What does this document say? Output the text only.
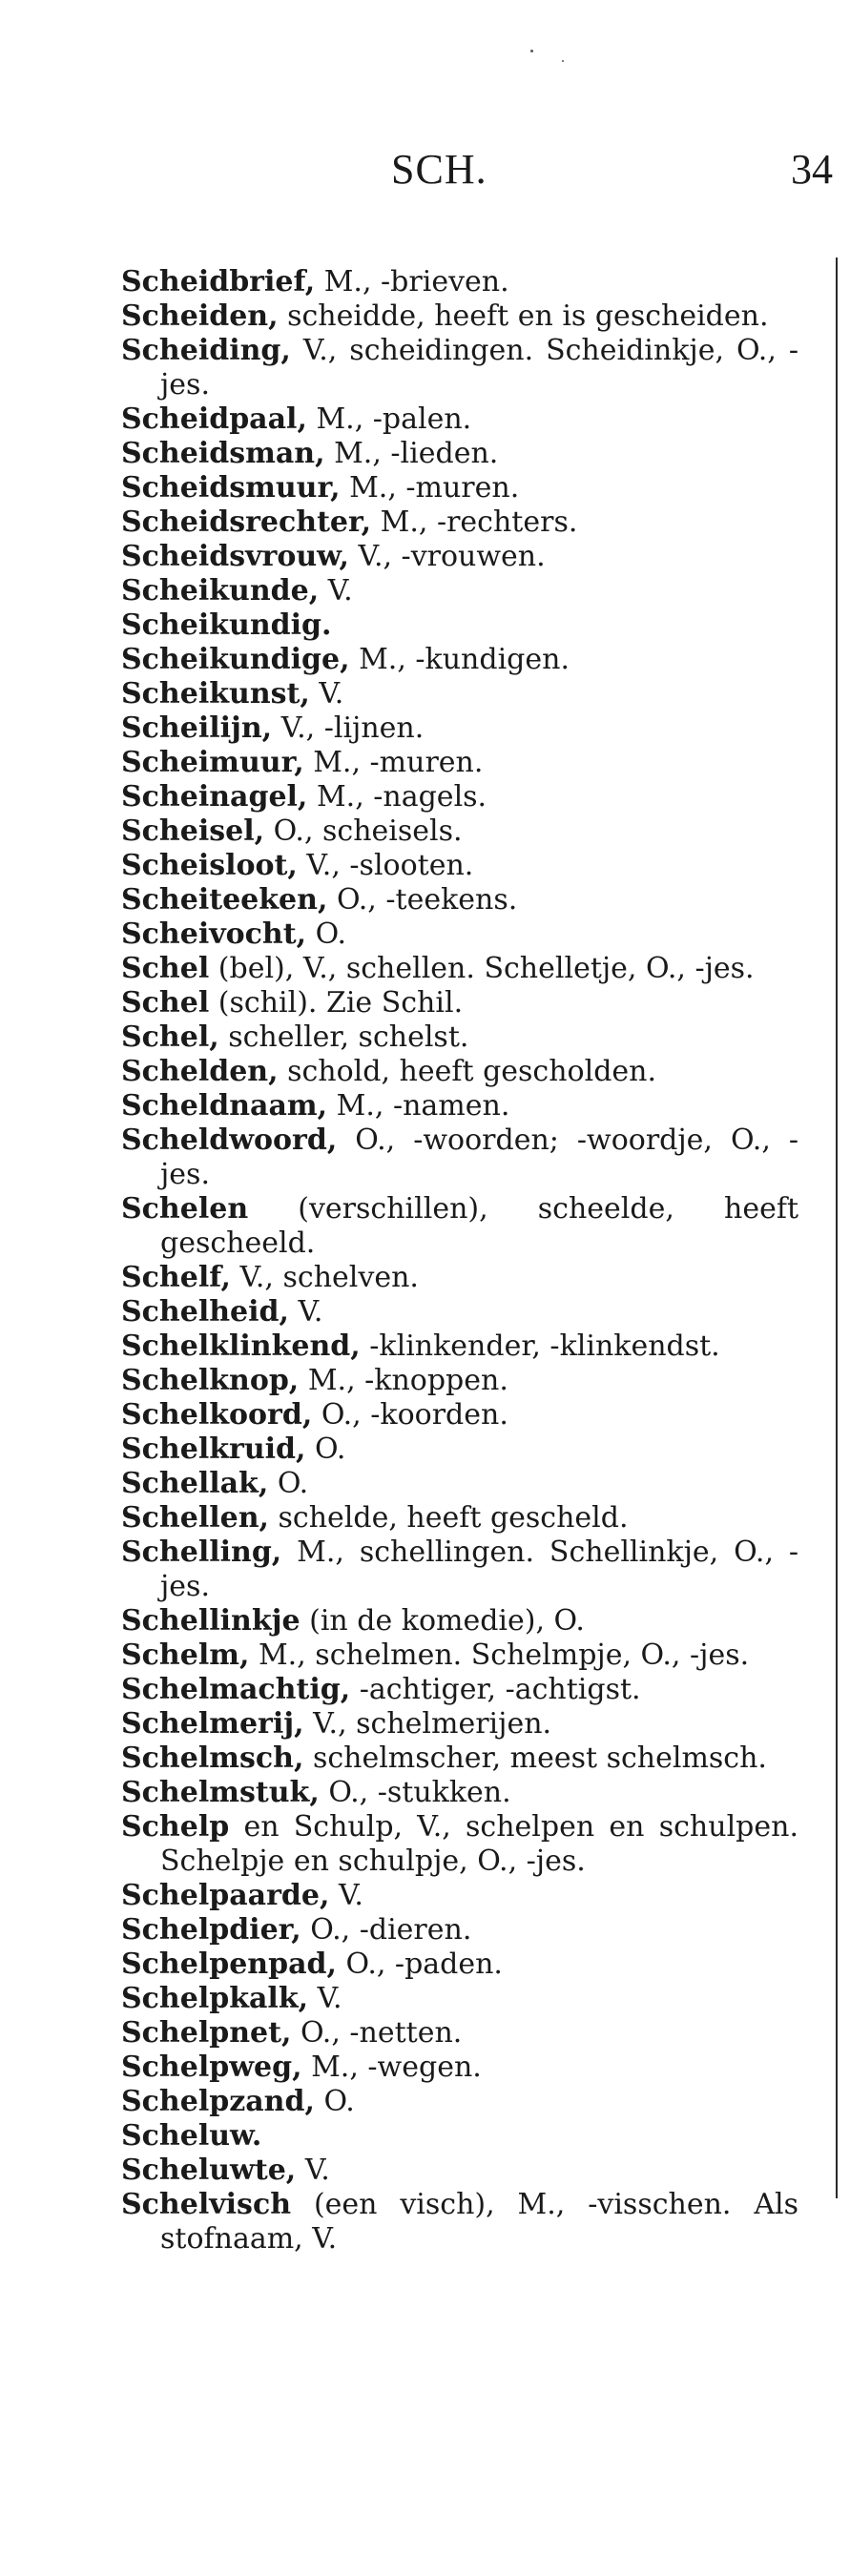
SCH.	34
Scheidbrief, M., -brieven.
Scheiden, scheidde, heeft en is gescheiden.
Scheiding, V., scheidingen. Scheidinkje, O., -jes.
Scheidpaal, M., -palen.
Scheidsman, M., -lieden.
Scheidsmuur, M., -muren.
Scheidsrechter, M., -rechters.
Scheidsvrouw, V., -vrouwen.
Scheikunde, V.
Scheikundig.
Scheikundige, M., -kundigen.
Scheikunst, V.
Scheilijn, V., -lijnen.
Scheimuur, M., -muren.
Scheinagel, M., -nagels.
Scheisel, O., scheisels.
Scheisloot, V., -slooten.
Scheiteeken, O., -teekens.
Scheivocht, O.
Schel (bel), V., schellen. Schelletje, O., -jes.
Schel (schil). Zie Schil.
Schel, scheller, schelst.
Schelden, schold, heeft gescholden.
Scheldnaam, M., -namen.
Scheldwoord, O., -woorden; -woordje, O., -jes.
Schelen (verschillen), scheelde, heeft gescheeld.
Schelf, V., schelven.
Schelheid, V.
Schelklinkend, -klinkender, -klinkendst.
Schelknop, M., -knoppen.
Schelkoord, O., -koorden.
Schelkruid, O.
Schellak, O.
Schellen, schelde, heeft gescheld.
Schelling, M., schellingen. Schellinkje, O., -jes.
Schellinkje (in de komedie), O.
Schelm, M., schelmen. Schelmpje, O., -jes.
Schelmachtig, -achtiger, -achtigst.
Schelmerij, V., schelmerijen.
Schelmsch, schelmscher, meest schelmsch.
Schelmstuk, O., -stukken.
Schelp en Schulp, V., schelpen en schulpen. Schelpje en schulpje, O., -jes.
Schelpaarde, V.
Schelpdier, O., -dieren.
Schelpenpad, O., -paden.
Schelpkalk, V.
Schelpnet, O., -netten.
Schelpweg, M., -wegen.
Schelpzand, O.
Scheluw.
Scheluwte, V.
Schelvisch (een visch), M., -visschen. Als stofnaam, V.
